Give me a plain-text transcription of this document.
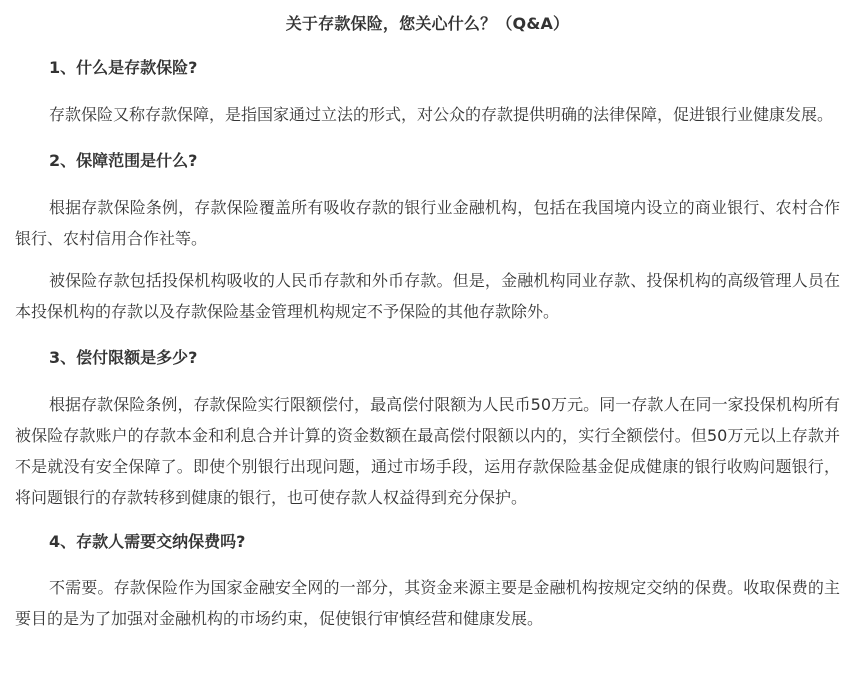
关于存款保险，您关心什么？（Q&A）
1、什么是存款保险?

存款保险又称存款保障，是指国家通过立法的形式，对公众的存款提供明确的法律保障，促进银行业健康发展。

2、保障范围是什么?

根据存款保险条例，存款保险覆盖所有吸收存款的银行业金融机构，包括在我国境内设立的商业银行、农村合作银行、农村信用合作社等。

被保险存款包括投保机构吸收的人民币存款和外币存款。但是，金融机构同业存款、投保机构的高级管理人员在本投保机构的存款以及存款保险基金管理机构规定不予保险的其他存款除外。

3、偿付限额是多少?

根据存款保险条例，存款保险实行限额偿付，最高偿付限额为人民币50万元。同一存款人在同一家投保机构所有被保险存款账户的存款本金和利息合并计算的资金数额在最高偿付限额以内的，实行全额偿付。但50万元以上存款并不是就没有安全保障了。即使个别银行出现问题，通过市场手段，运用存款保险基金促成健康的银行收购问题银行，将问题银行的存款转移到健康的银行，也可使存款人权益得到充分保护。

4、存款人需要交纳保费吗?

不需要。存款保险作为国家金融安全网的一部分，其资金来源主要是金融机构按规定交纳的保费。收取保费的主要目的是为了加强对金融机构的市场约束，促使银行审慎经营和健康发展。
